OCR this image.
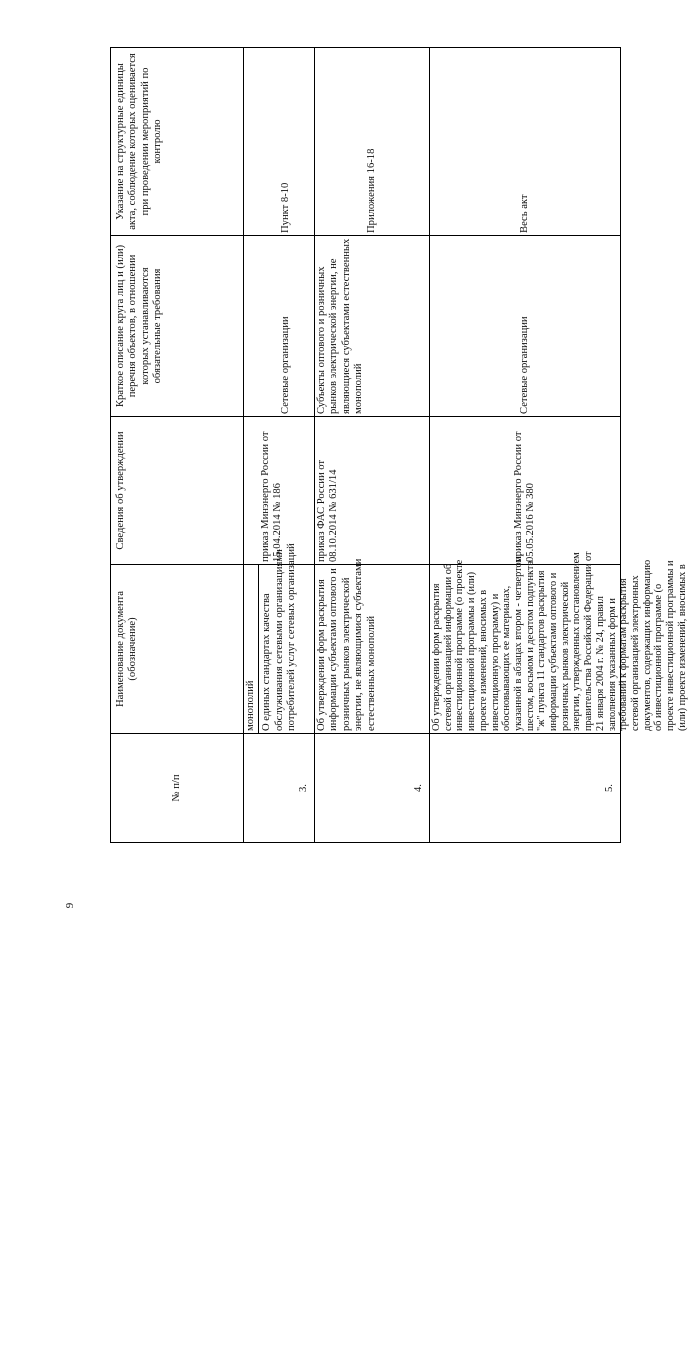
9
№ п/п
Наименование документа (обозначение)
Сведения об утверждении
Краткое описание круга лиц и (или) перечня объектов, в отношении которых устанавливаются обязательные требования
Указание на структурные единицы акта, соблюдение которых оценивается при проведении мероприятий по контролю
3.
монополий О единых стандартах качества обслуживания сетевыми организациями потребителей услуг сетевых организаций
приказ Минэнерго России от 15.04.2014 № 186
Сетевые организации
Пункт 8-10
4.
Об утверждении форм раскрытия информации субъектами оптового и розничных рынков электрической энергии, не являющимися субъектами естественных монополий
приказ ФАС России от 08.10.2014 № 631/14
Субъекты оптового и розничных рынков электрической энергии, не являющиеся субъектами естественных монополий
Приложения 16-18
5.
Об утверждении форм раскрытия сетевой организацией информации об инвестиционной программе (о проекте инвестиционной программы и (или) проекте изменений, вносимых в инвестиционную программу) и обосновывающих ее материалах, указанной в абзацах втором - четвертом, шестом, восьмом и десятом подпункта "ж" пункта 11 стандартов раскрытия информации субъектами оптового и розничных рынков электрической энергии, утвержденных постановлением правительства Российской Федерации от 21 января 2004 г. № 24, правил заполнения указанных форм и требований к форматам раскрытия сетевой организацией электронных документов, содержащих информацию об инвестиционной программе (о проекте инвестиционной программы и (или) проекте изменений, вносимых в
приказ Минэнерго России от 05.05.2016 № 380
Сетевые организации
Весь акт
